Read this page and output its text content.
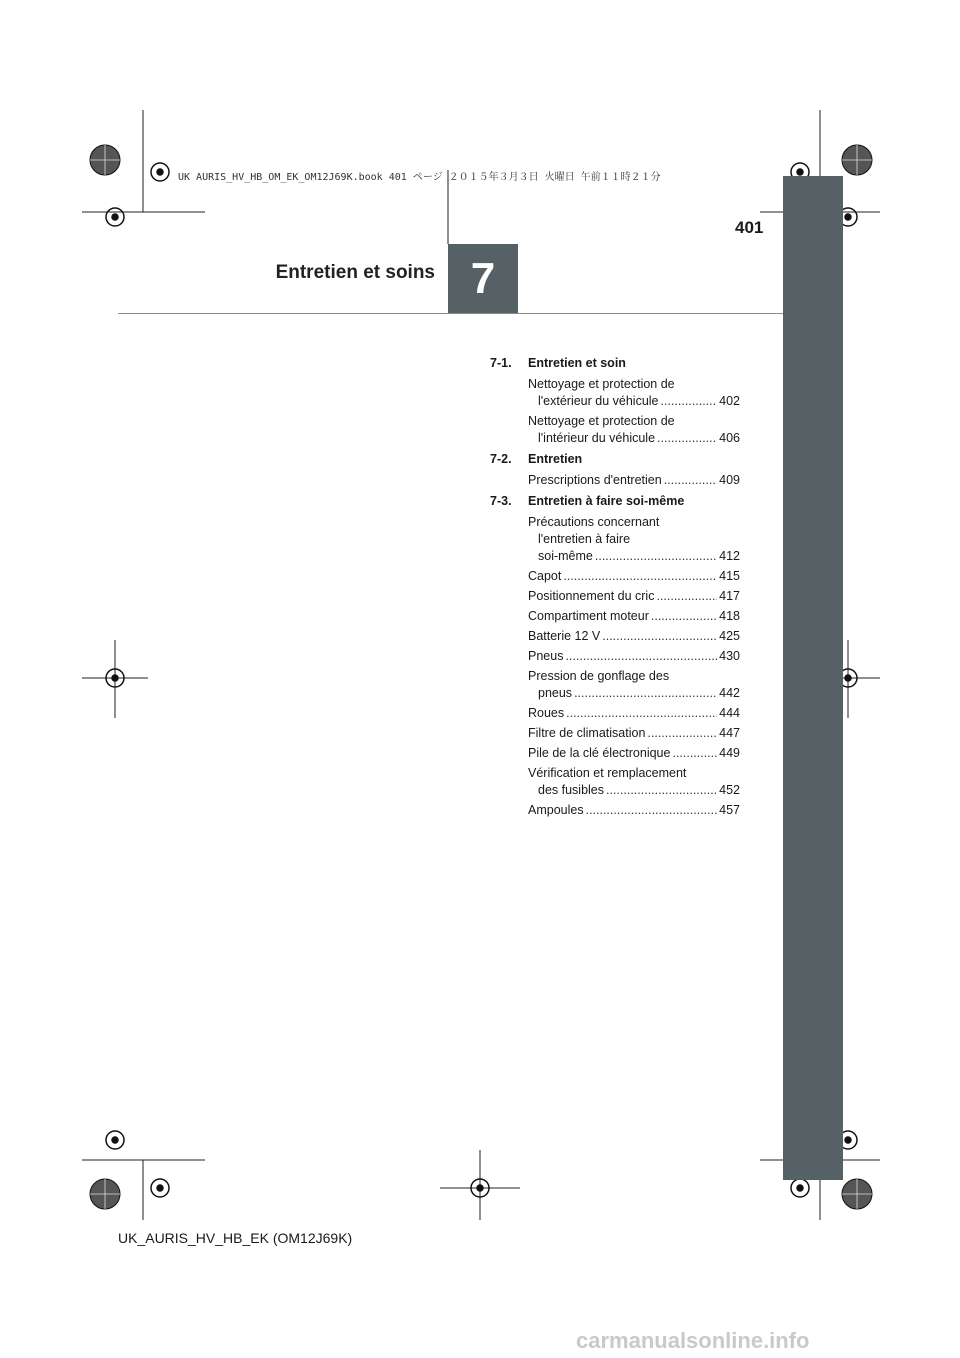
7
Entretien et soins
401
UK AURIS_HV_HB_OM_EK_OM12J69K.book 401 ページ ２０１５年３月３日 火曜日 午前１１時２１分
7-1.	Entretien et soin
Nettoyage et protection de
l'extérieur du véhicule .....	402
Nettoyage et protection de
l'intérieur du véhicule .....	406
7-2.	Entretien
Prescriptions d'entretien .....	409
7-3.	Entretien à faire soi-même
Précautions concernant
l'entretien à faire
soi-même .....	412
Capot .....	415
Positionnement du cric .....	417
Compartiment moteur .....	418
Batterie 12 V .....	425
Pneus .....	430
Pression de gonflage des
pneus .....	442
Roues .....	444
Filtre de climatisation .....	447
Pile de la clé électronique .....	449
Vérification et remplacement
des fusibles .....	452
Ampoules .....	457
UK_AURIS_HV_HB_EK (OM12J69K)
carmanualsonline.info
